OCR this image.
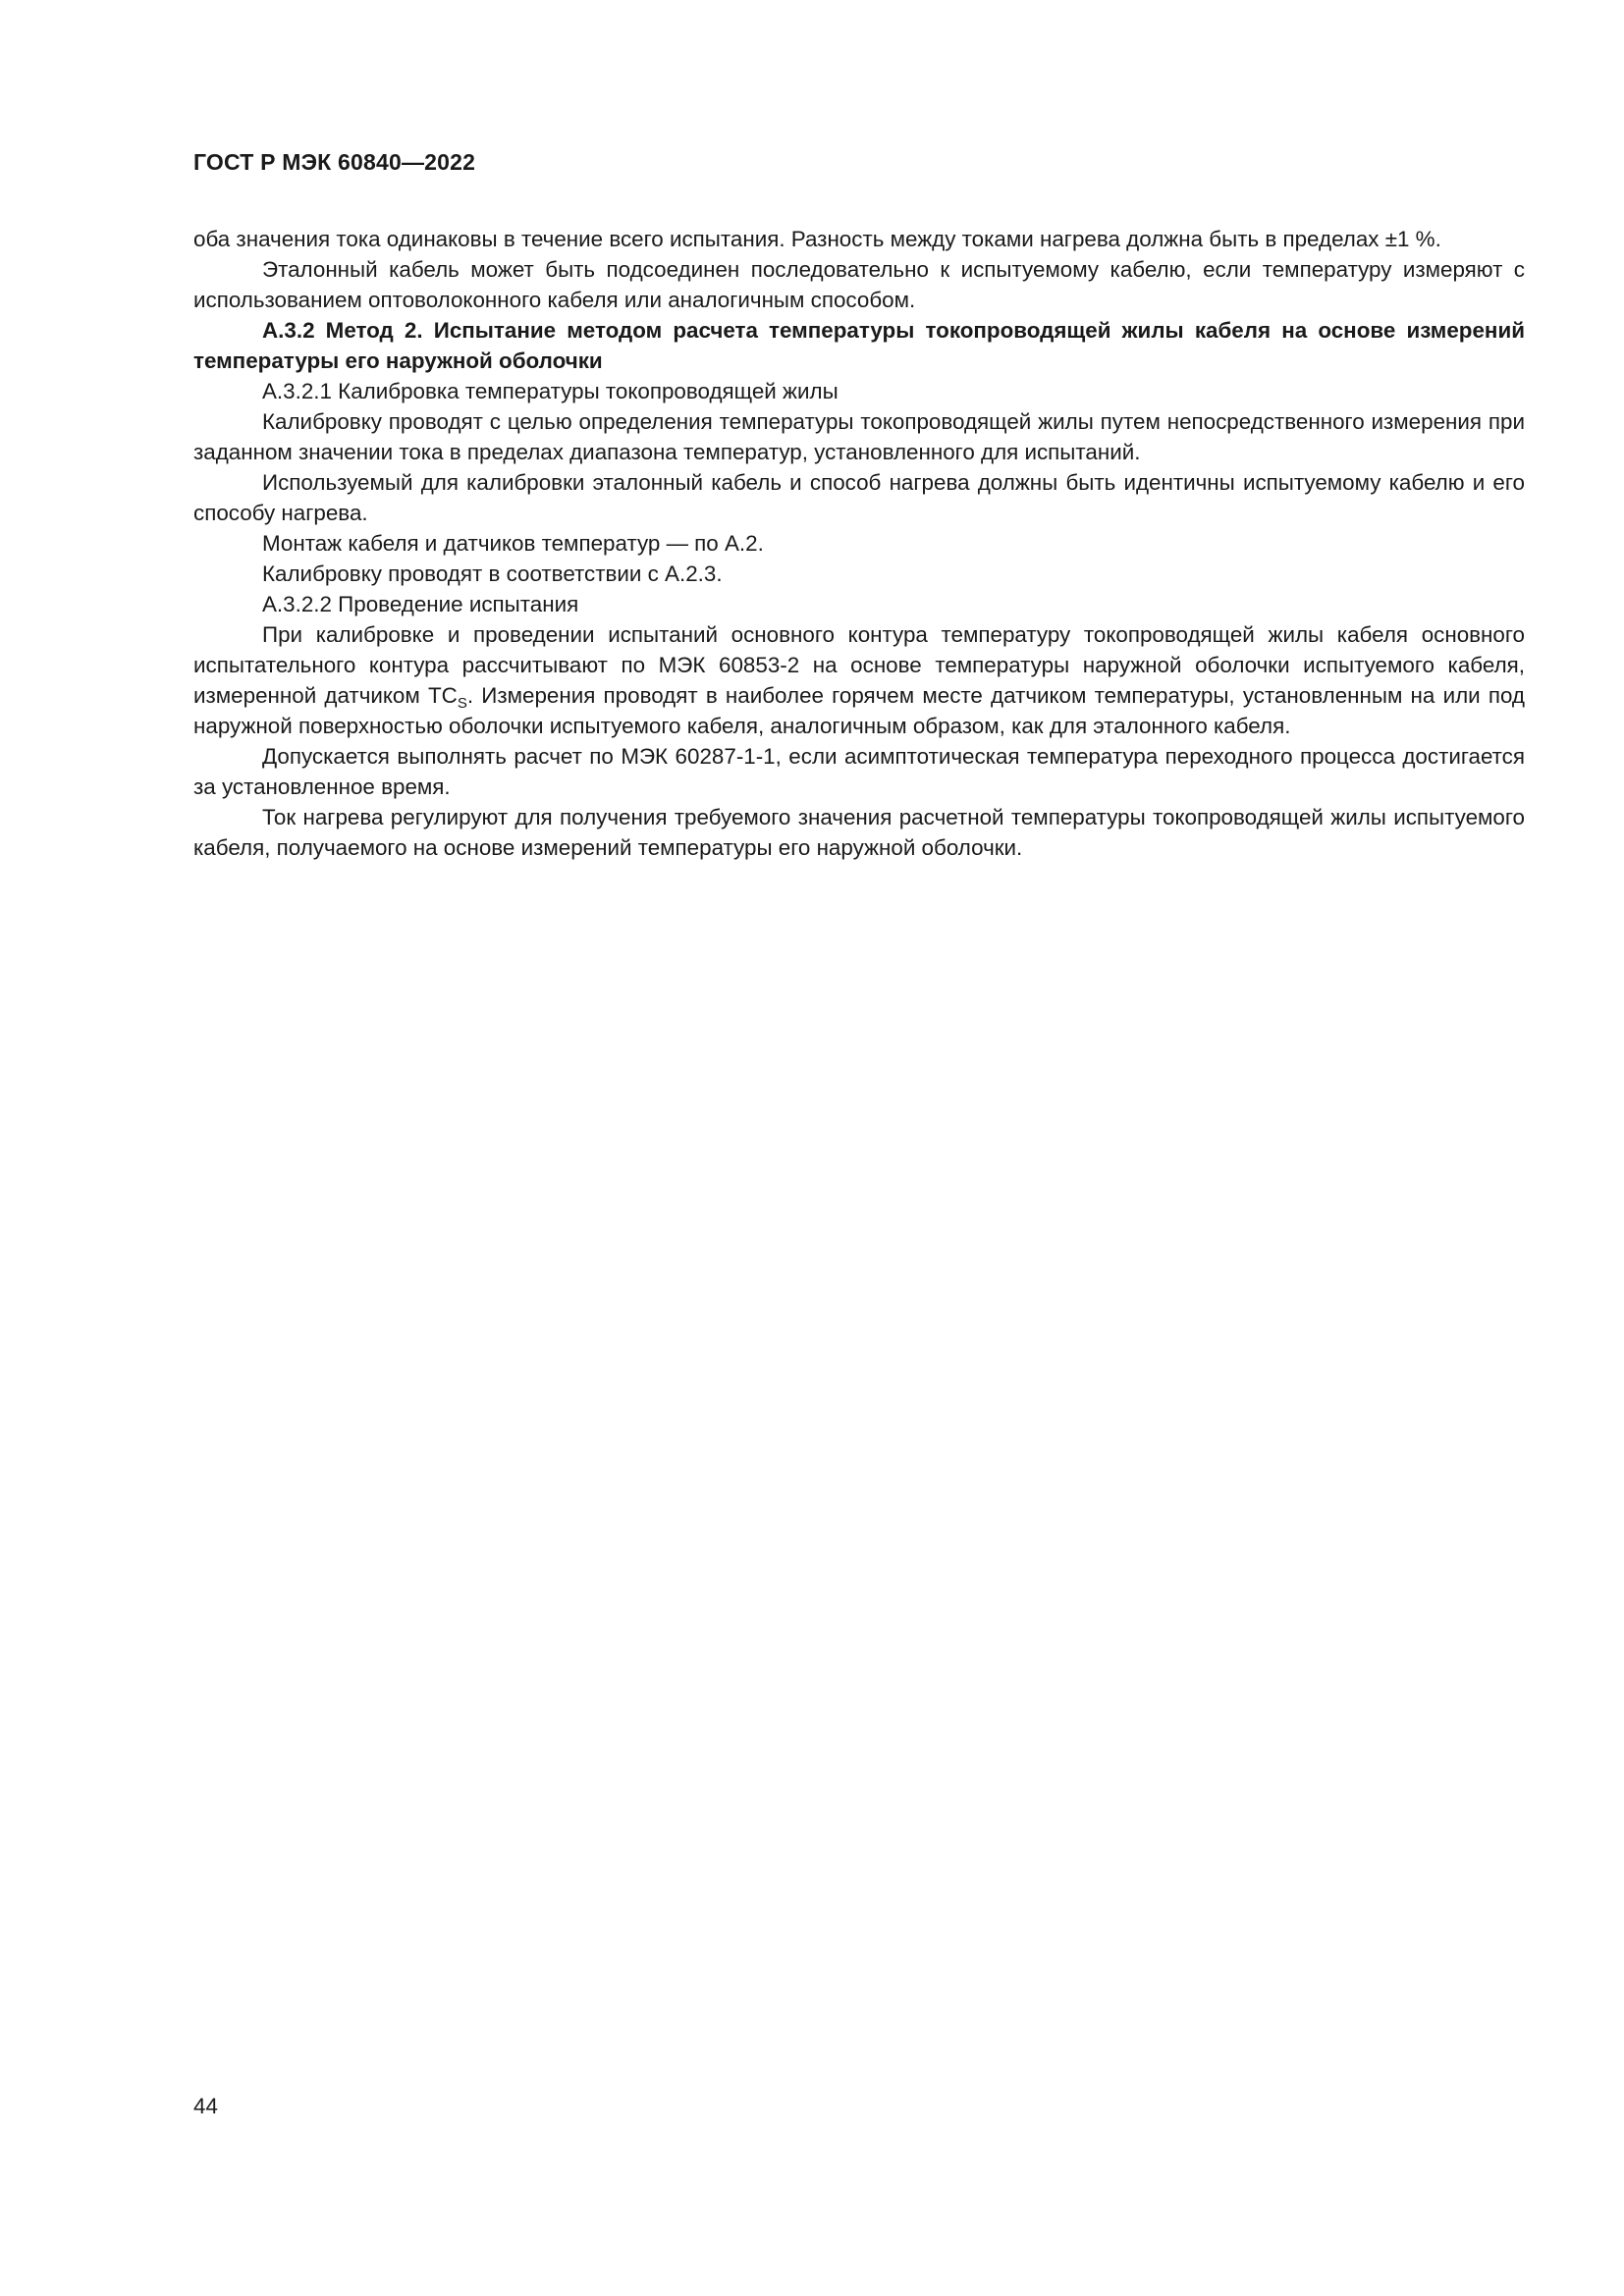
ГОСТ Р МЭК 60840—2022

оба значения тока одинаковы в течение всего испытания. Разность между токами нагрева должна быть в пределах ±1 %.

Эталонный кабель может быть подсоединен последовательно к испытуемому кабелю, если температуру измеряют с использованием оптоволоконного кабеля или аналогичным способом.

А.3.2 Метод 2. Испытание методом расчета температуры токопроводящей жилы кабеля на основе измерений температуры его наружной оболочки

А.3.2.1 Калибровка температуры токопроводящей жилы

Калибровку проводят с целью определения температуры токопроводящей жилы путем непосредственного измерения при заданном значении тока в пределах диапазона температур, установленного для испытаний.

Используемый для калибровки эталонный кабель и способ нагрева должны быть идентичны испытуемому кабелю и его способу нагрева.

Монтаж кабеля и датчиков температур — по А.2.

Калибровку проводят в соответствии с А.2.3.

А.3.2.2 Проведение испытания

При калибровке и проведении испытаний основного контура температуру токопроводящей жилы кабеля основного испытательного контура рассчитывают по МЭК 60853-2 на основе температуры наружной оболочки испытуемого кабеля, измеренной датчиком $TC_S$. Измерения проводят в наиболее горячем месте датчиком температуры, установленным на или под наружной поверхностью оболочки испытуемого кабеля, аналогичным образом, как для эталонного кабеля.

Допускается выполнять расчет по МЭК 60287-1-1, если асимптотическая температура переходного процесса достигается за установленное время.

Ток нагрева регулируют для получения требуемого значения расчетной температуры токопроводящей жилы испытуемого кабеля, получаемого на основе измерений температуры его наружной оболочки.

44
